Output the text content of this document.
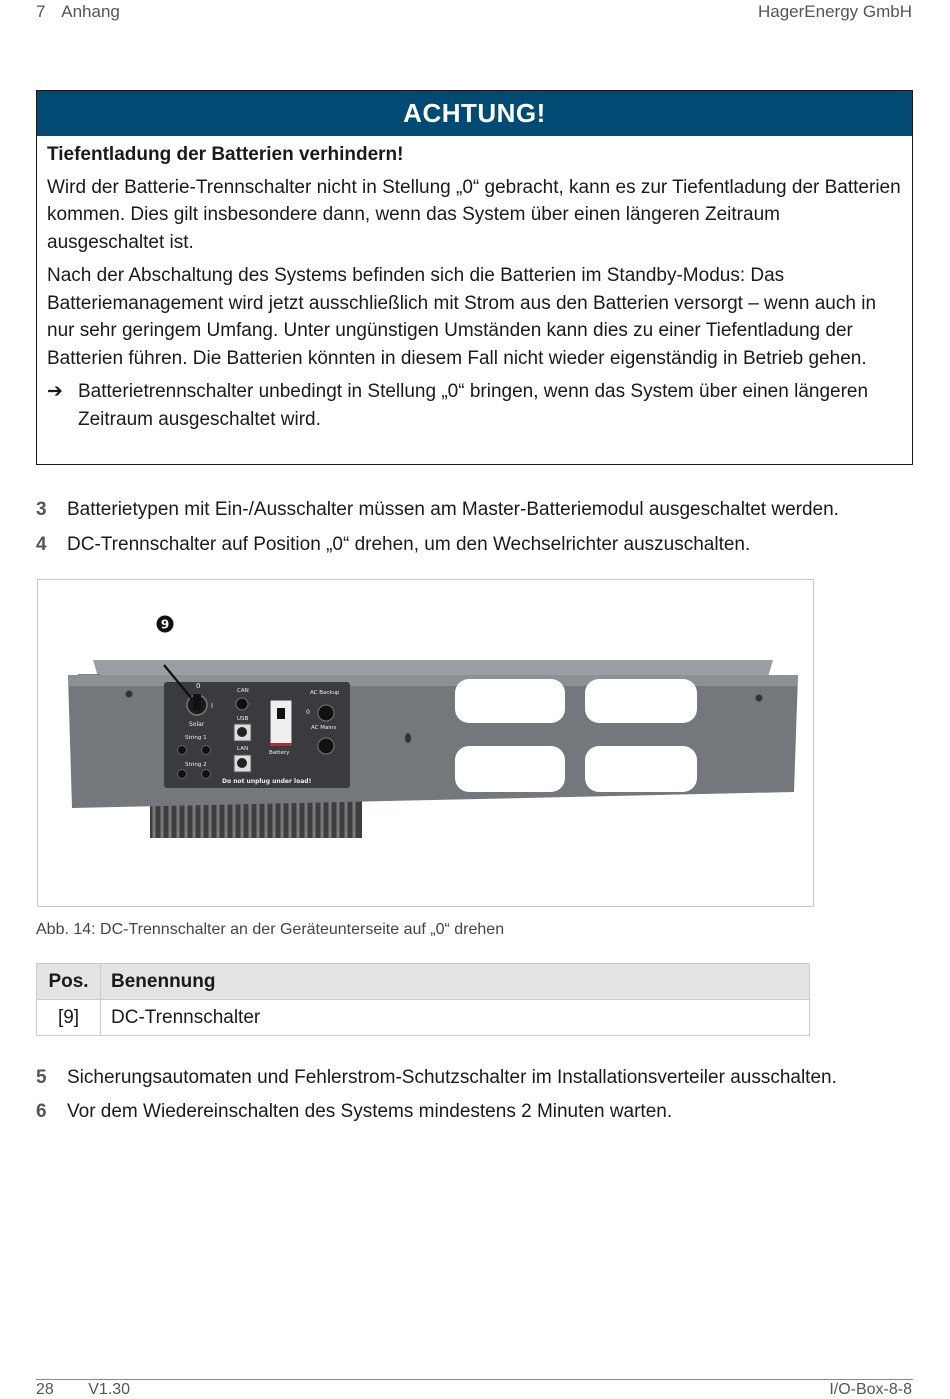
7 Anhang	HagerEnergy GmbH
ACHTUNG!
Tiefentladung der Batterien verhindern!

Wird der Batterie-Trennschalter nicht in Stellung „0“ gebracht, kann es zur Tiefentladung der Batterien kommen. Dies gilt insbesondere dann, wenn das System über einen längeren Zeitraum ausgeschaltet ist.

Nach der Abschaltung des Systems befinden sich die Batterien im Standby-Modus: Das Batteriemanagement wird jetzt ausschließlich mit Strom aus den Batterien versorgt – wenn auch in nur sehr geringem Umfang. Unter ungünstigen Umständen kann dies zu einer Tiefentladung der Batterien führen. Die Batterien könnten in diesem Fall nicht wieder eigenständig in Betrieb gehen.

➔ Batterietrennschalter unbedingt in Stellung „0“ bringen, wenn das System über einen längeren Zeitraum ausgeschaltet wird.
3	Batterietypen mit Ein-/Ausschalter müssen am Master-Batteriemodul ausgeschaltet werden.
4	DC-Trennschalter auf Position „0“ drehen, um den Wechselrichter auszuschalten.
0
I
Solar
String 1
String 2
CAN
USB
LAN
Battery
AC Backup
0
AC Mains
Do not unplug under load!
9
Abb. 14: DC-Trennschalter an der Geräteunterseite auf „0“ drehen
Pos.	Benennung
[9]	DC-Trennschalter
5	Sicherungsautomaten und Fehlerstrom-Schutzschalter im Installationsverteiler ausschalten.
6	Vor dem Wiedereinschalten des Systems mindestens 2 Minuten warten.
28 V1.30	I/O-Box-8-8
